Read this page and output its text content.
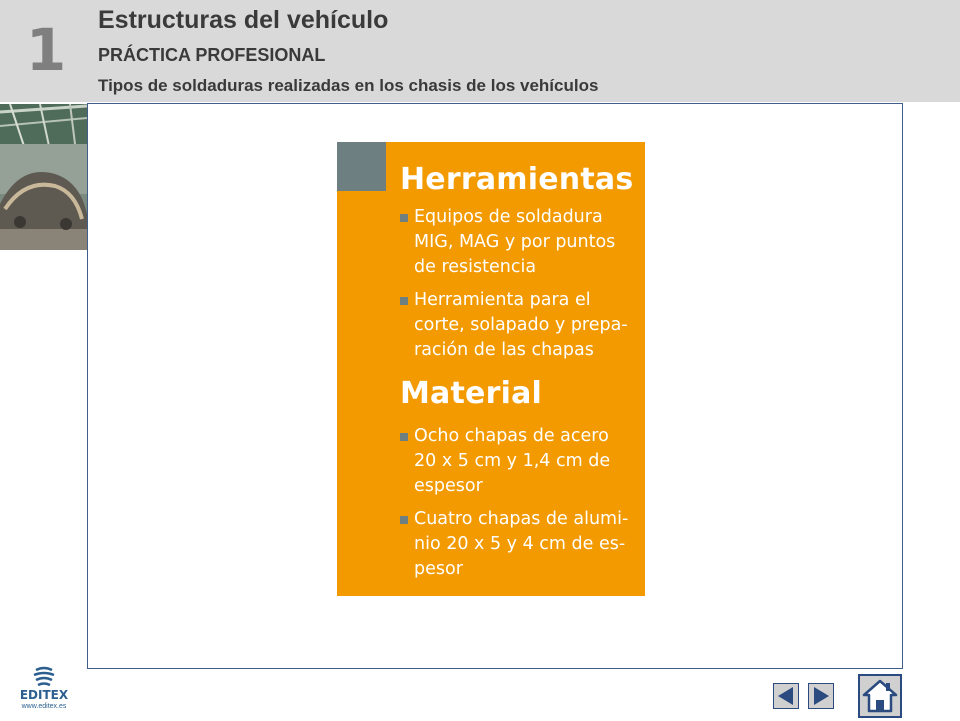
1	Estructuras del vehículo
PRÁCTICA PROFESIONAL
Tipos de soldaduras realizadas en los chasis de los vehículos
Herramientas
Equipos de soldadura
MIG, MAG y por puntos
de resistencia
Herramienta para el
corte, solapado y prepa-
ración de las chapas
Material
Ocho chapas de acero
20 x 5 cm y 1,4 cm de
espesor
Cuatro chapas de alumi-
nio 20 x 5 y 4 cm de es-
pesor
EDITEX
www.editex.es
